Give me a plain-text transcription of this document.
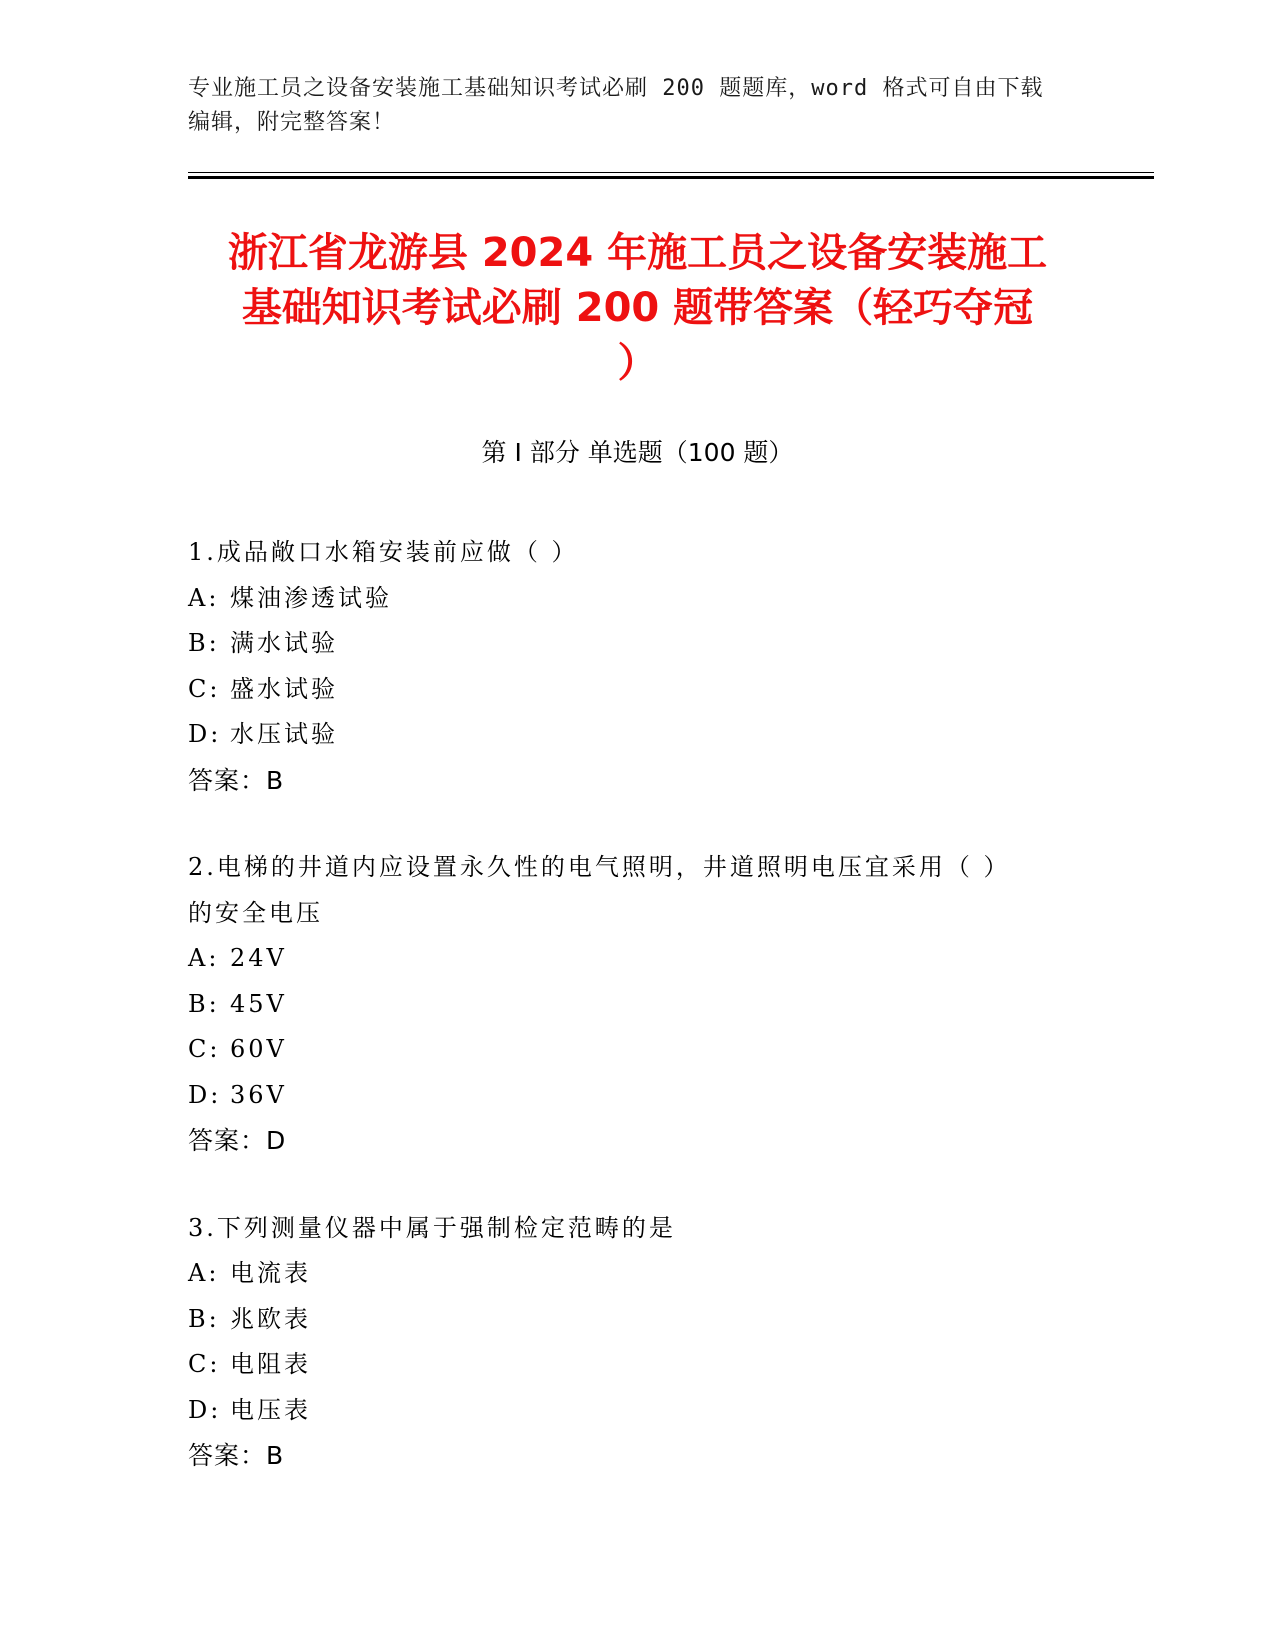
专业施工员之设备安装施工基础知识考试必刷 200 题题库，word 格式可自由下载
编辑，附完整答案！
浙江省龙游县 2024 年施工员之设备安装施工
基础知识考试必刷 200 题带答案（轻巧夺冠
）
第 I 部分 单选题（100 题）
1.成品敞口水箱安装前应做（ ）
A: 煤油渗透试验
B: 满水试验
C: 盛水试验
D: 水压试验
答案：B
2.电梯的井道内应设置永久性的电气照明，井道照明电压宜采用（ ）
的安全电压
A: 24V
B: 45V
C: 60V
D: 36V
答案：D
3.下列测量仪器中属于强制检定范畴的是
A: 电流表
B: 兆欧表
C: 电阻表
D: 电压表
答案：B
